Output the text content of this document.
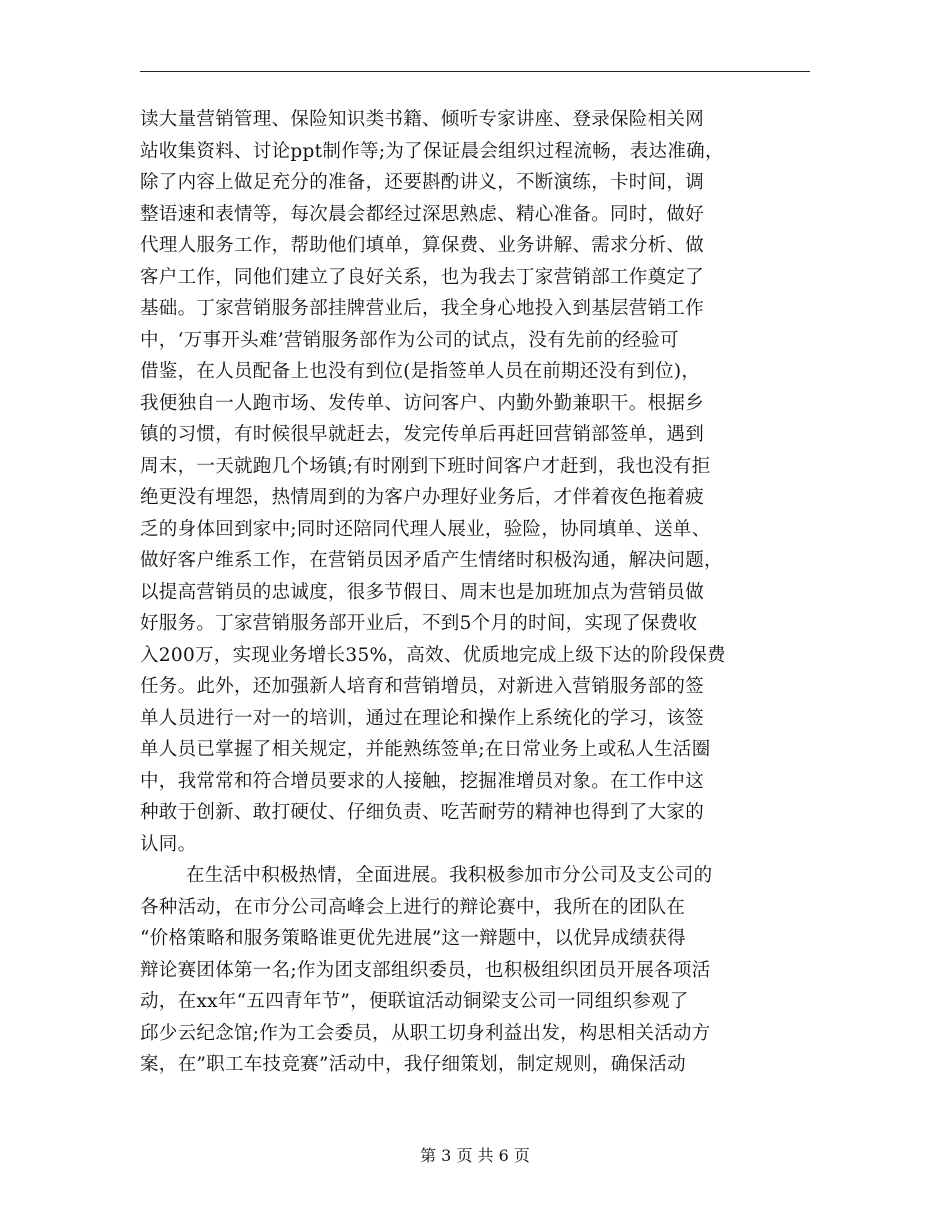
读大量营销管理、保险知识类书籍、倾听专家讲座、登录保险相关网
站收集资料、讨论ppt制作等;为了保证晨会组织过程流畅，表达准确，
除了内容上做足充分的准备，还要斟酌讲义，不断演练，卡时间，调
整语速和表情等，每次晨会都经过深思熟虑、精心准备。同时，做好
代理人服务工作，帮助他们填单，算保费、业务讲解、需求分析、做
客户工作，同他们建立了良好关系，也为我去丁家营销部工作奠定了
基础。丁家营销服务部挂牌营业后，我全身心地投入到基层营销工作
中，‘万事开头难’营销服务部作为公司的试点，没有先前的经验可
借鉴，在人员配备上也没有到位(是指签单人员在前期还没有到位)，
我便独自一人跑市场、发传单、访问客户、内勤外勤兼职干。根据乡
镇的习惯，有时候很早就赶去，发完传单后再赶回营销部签单，遇到
周末，一天就跑几个场镇;有时刚到下班时间客户才赶到，我也没有拒
绝更没有埋怨，热情周到的为客户办理好业务后，才伴着夜色拖着疲
乏的身体回到家中;同时还陪同代理人展业，验险，协同填单、送单、
做好客户维系工作，在营销员因矛盾产生情绪时积极沟通，解决问题，
以提高营销员的忠诚度，很多节假日、周末也是加班加点为营销员做
好服务。丁家营销服务部开业后，不到5个月的时间，实现了保费收
入200万，实现业务增长35%，高效、优质地完成上级下达的阶段保费
任务。此外，还加强新人培育和营销增员，对新进入营销服务部的签
单人员进行一对一的培训，通过在理论和操作上系统化的学习，该签
单人员已掌握了相关规定，并能熟练签单;在日常业务上或私人生活圈
中，我常常和符合增员要求的人接触，挖掘准增员对象。在工作中这
种敢于创新、敢打硬仗、仔细负责、吃苦耐劳的精神也得到了大家的
认同。
在生活中积极热情，全面进展。我积极参加市分公司及支公司的
各种活动，在市分公司高峰会上进行的辩论赛中，我所在的团队在
“价格策略和服务策略谁更优先进展”这一辩题中，以优异成绩获得
辩论赛团体第一名;作为团支部组织委员，也积极组织团员开展各项活
动，在xx年“五四青年节”，便联谊活动铜梁支公司一同组织参观了
邱少云纪念馆;作为工会委员，从职工切身利益出发，构思相关活动方
案，在”职工车技竞赛”活动中，我仔细策划，制定规则，确保活动
第 3 页 共 6 页
